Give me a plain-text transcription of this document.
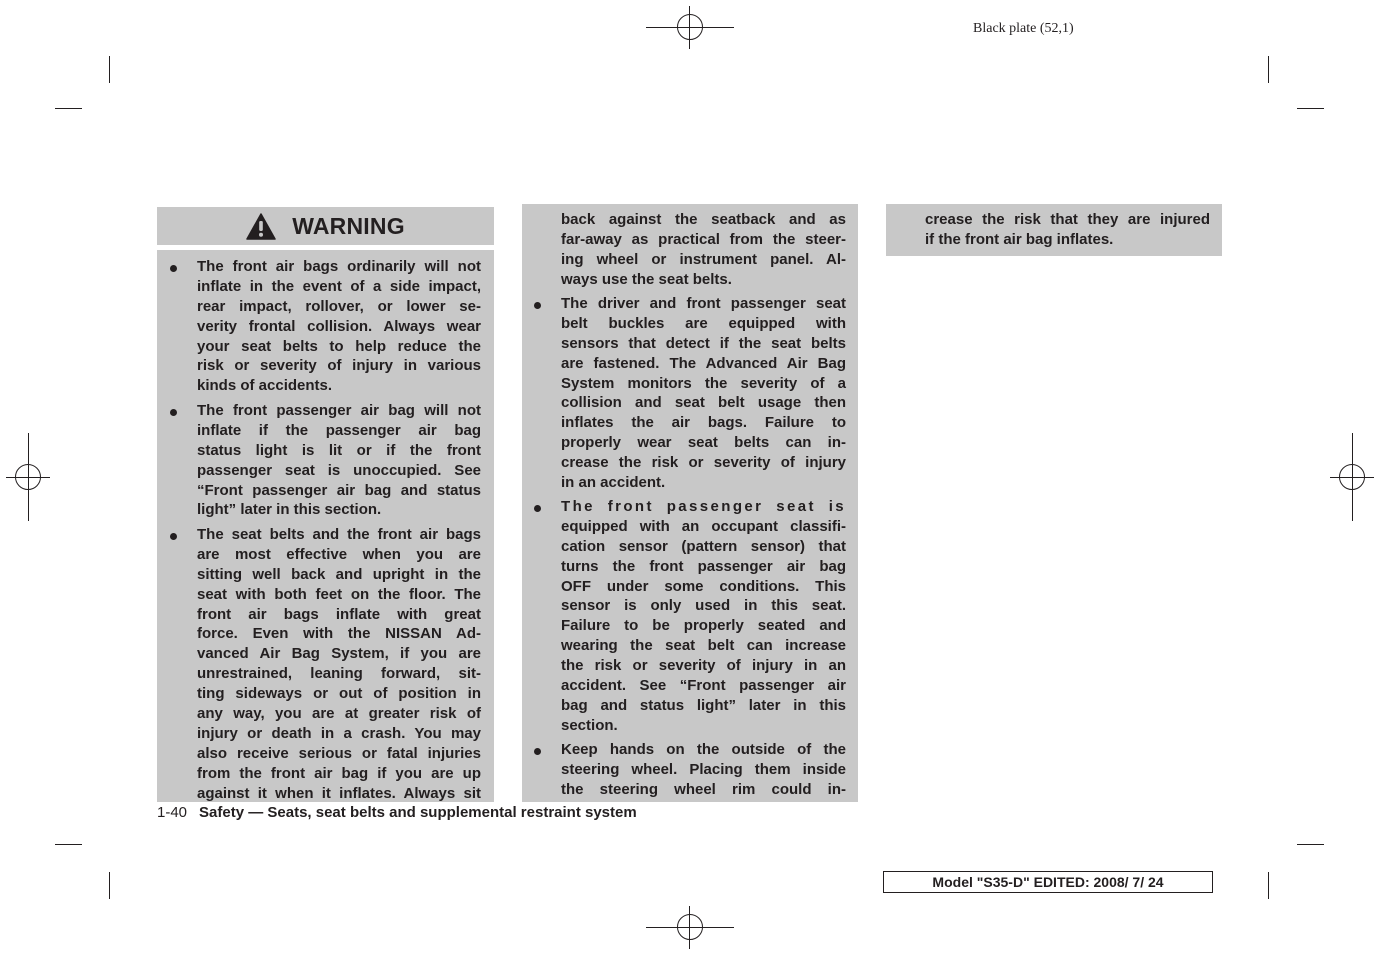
Black plate (52,1)
WARNING
The front air bags ordinarily will not
inflate in the event of a side impact,
rear impact, rollover, or lower se-
verity frontal collision. Always wear
your seat belts to help reduce the
risk or severity of injury in various
kinds of accidents.
The front passenger air bag will not
inflate if the passenger air bag
status light is lit or if the front
passenger seat is unoccupied. See
“Front passenger air bag and status
light” later in this section.
The seat belts and the front air bags
are most effective when you are
sitting well back and upright in the
seat with both feet on the floor. The
front air bags inflate with great
force. Even with the NISSAN Ad-
vanced Air Bag System, if you are
unrestrained, leaning forward, sit-
ting sideways or out of position in
any way, you are at greater risk of
injury or death in a crash. You may
also receive serious or fatal injuries
from the front air bag if you are up
against it when it inflates. Always sit
back against the seatback and as
far-away as practical from the steer-
ing wheel or instrument panel. Al-
ways use the seat belts.
The driver and front passenger seat
belt buckles are equipped with
sensors that detect if the seat belts
are fastened. The Advanced Air Bag
System monitors the severity of a
collision and seat belt usage then
inflates the air bags. Failure to
properly wear seat belts can in-
crease the risk or severity of injury
in an accident.
The front passenger seat is
equipped with an occupant classifi-
cation sensor (pattern sensor) that
turns the front passenger air bag
OFF under some conditions. This
sensor is only used in this seat.
Failure to be properly seated and
wearing the seat belt can increase
the risk or severity of injury in an
accident. See “Front passenger air
bag and status light” later in this
section.
Keep hands on the outside of the
steering wheel. Placing them inside
the steering wheel rim could in-
crease the risk that they are injured
if the front air bag inflates.
1-40 Safety — Seats, seat belts and supplemental restraint system
Model "S35-D" EDITED: 2008/ 7/ 24
